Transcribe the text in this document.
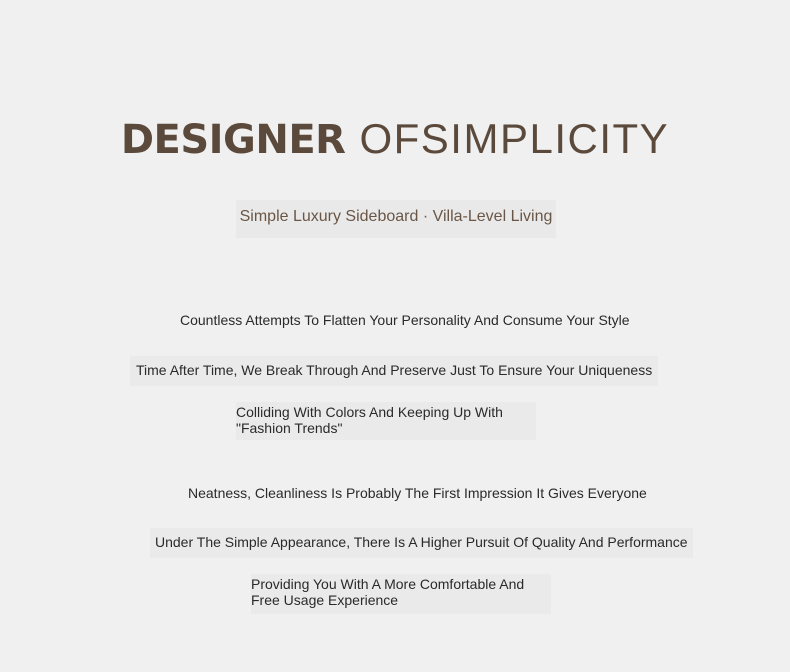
DESIGNER OFSIMPLICITY
Simple Luxury Sideboard · Villa-Level Living
Countless Attempts To Flatten Your Personality And Consume Your Style
Time After Time, We Break Through And Preserve Just To Ensure Your Uniqueness
Colliding With Colors And Keeping Up With "Fashion Trends"
Neatness, Cleanliness Is Probably The First Impression It Gives Everyone
Under The Simple Appearance, There Is A Higher Pursuit Of Quality And Performance
Providing You With A More Comfortable And Free Usage Experience
